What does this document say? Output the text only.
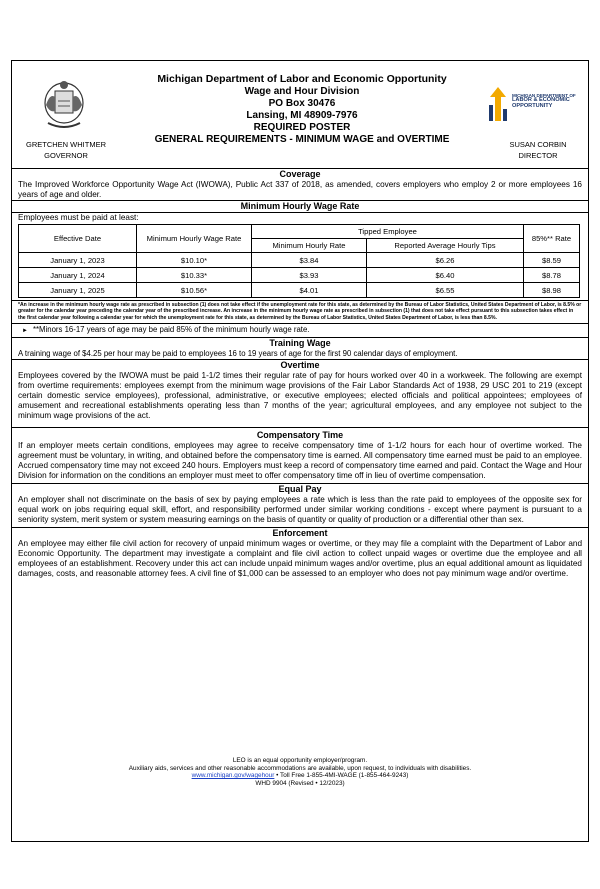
GRETCHEN WHITMER
GOVERNOR
Michigan Department of Labor and Economic Opportunity
Wage and Hour Division
PO Box 30476
Lansing, MI 48909-7976
REQUIRED POSTER
GENERAL REQUIREMENTS - MINIMUM WAGE and OVERTIME
MICHIGAN DEPARTMENT OF
LABOR & ECONOMIC
OPPORTUNITY
SUSAN CORBIN
DIRECTOR
Coverage
The Improved Workforce Opportunity Wage Act (IWOWA), Public Act 337 of 2018, as amended, covers employers who employ 2 or more employees 16 years of age and older.
Minimum Hourly Wage Rate
Employees must be paid at least:
Effective Date	Minimum Hourly Wage Rate	Tipped Employee		85%** Rate
		Minimum Hourly Rate	Reported Average Hourly Tips	
January 1, 2023	$10.10*	$3.84	$6.26	$8.59
January 1, 2024	$10.33*	$3.93	$6.40	$8.78
January 1, 2025	$10.56*	$4.01	$6.55	$8.98
*An increase in the minimum hourly wage rate as prescribed in subsection (1) does not take effect if the unemployment rate for this state, as determined by the Bureau of Labor Statistics, United States Department of Labor, is 8.5% or greater for the calendar year preceding the calendar year of the prescribed increase. An increase in the minimum hourly wage rate as prescribed in subsection (1) that does not take effect pursuant to this subsection takes effect in the first calendar year following a calendar year for which the unemployment rate for this state, as determined by the Bureau of Labor Statistics, United States Department of Labor, is less than 8.5%.
► **Minors 16-17 years of age may be paid 85% of the minimum hourly wage rate.
Training Wage
A training wage of $4.25 per hour may be paid to employees 16 to 19 years of age for the first 90 calendar days of employment.
Overtime
Employees covered by the IWOWA must be paid 1-1/2 times their regular rate of pay for hours worked over 40 in a workweek. The following are exempt from overtime requirements: employees exempt from the minimum wage provisions of the Fair Labor Standards Act of 1938, 29 USC 201 to 219 (except certain domestic service employees), professional, administrative, or executive employees; elected officials and political appointees; employees of amusement and recreational establishments operating less than 7 months of the year; agricultural employees, and any employee not subject to the minimum wage provisions of the act.
Compensatory Time
If an employer meets certain conditions, employees may agree to receive compensatory time of 1-1/2 hours for each hour of overtime worked. The agreement must be voluntary, in writing, and obtained before the compensatory time is earned. All compensatory time earned must be paid to an employee. Accrued compensatory time may not exceed 240 hours. Employers must keep a record of compensatory time earned and paid. Contact the Wage and Hour Division for information on the conditions an employer must meet to offer compensatory time off in lieu of overtime compensation.
Equal Pay
An employer shall not discriminate on the basis of sex by paying employees a rate which is less than the rate paid to employees of the opposite sex for equal work on jobs requiring equal skill, effort, and responsibility performed under similar working conditions - except where payment is pursuant to a seniority system, merit system or system measuring earnings on the basis of quantity or quality of production or a differential other than sex.
Enforcement
An employee may either file civil action for recovery of unpaid minimum wages or overtime, or they may file a complaint with the Department of Labor and Economic Opportunity. The department may investigate a complaint and file civil action to collect unpaid wages or overtime due the employee and all employees of an establishment. Recovery under this act can include unpaid minimum wages and/or overtime, plus an equal additional amount as liquidated damages, costs, and reasonable attorney fees. A civil fine of $1,000 can be assessed to an employer who does not pay minimum wage and/or overtime.
LEO is an equal opportunity employer/program.
Auxiliary aids, services and other reasonable accommodations are available, upon request, to individuals with disabilities.
www.michigan.gov/wagehour • Toll Free 1-855-4MI-WAGE (1-855-464-9243)
WHD 9904 (Revised • 12/2023)
